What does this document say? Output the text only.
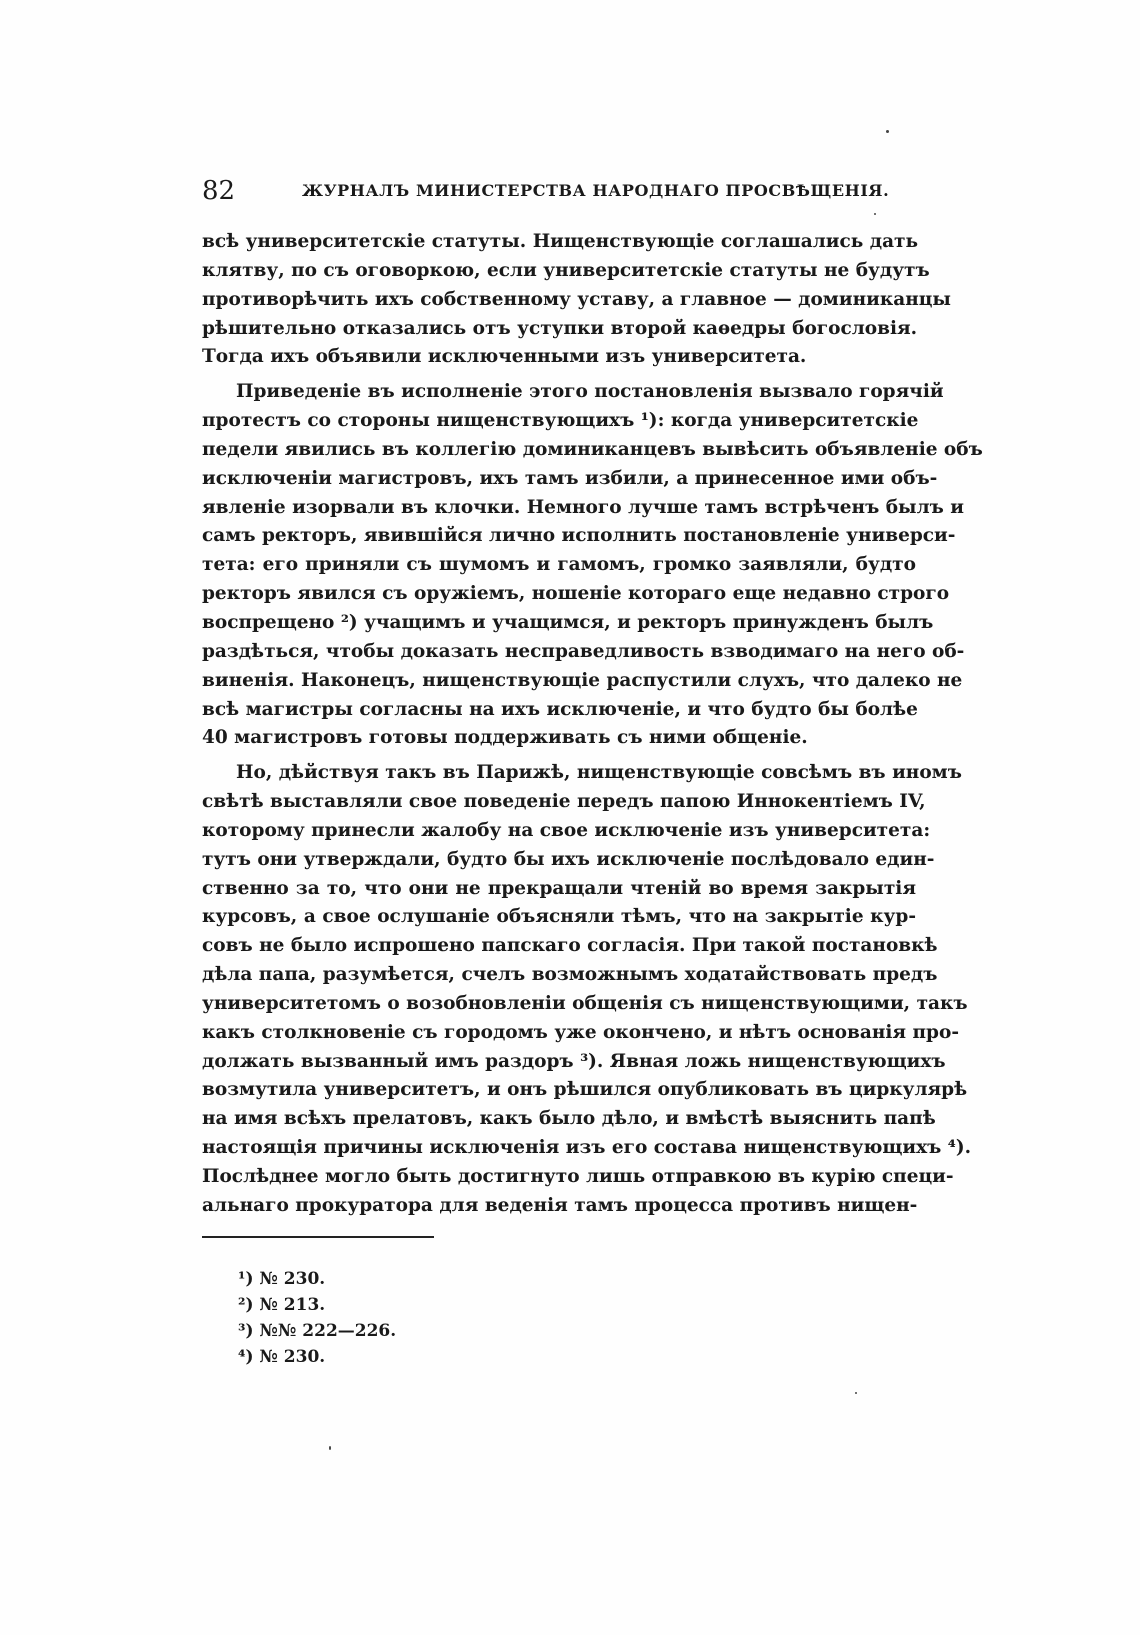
82	ЖУРНАЛЪ МИНИСТЕРСТВА НАРОДНАГО ПРОСВѢЩЕНІЯ.
всѣ университетскіе статуты. Нищенствующіе соглашались дать
клятву, по съ оговоркою, если университетскіе статуты не будутъ
противорѣчить ихъ собственному уставу, а главное — доминиканцы
рѣшительно отказались отъ уступки второй каѳедры богословія.
Тогда ихъ объявили исключенными изъ университета.
Приведеніе въ исполненіе этого постановленія вызвало горячій
протестъ со стороны нищенствующихъ ¹): когда университетскіе
педели явились въ коллегію доминиканцевъ вывѣсить объявленіе объ
исключеніи магистровъ, ихъ тамъ избили, а принесенное ими объ-
явленіе изорвали въ клочки. Немного лучше тамъ встрѣченъ былъ и
самъ ректоръ, явившійся лично исполнить постановленіе универси-
тета: его приняли съ шумомъ и гамомъ, громко заявляли, будто
ректоръ явился съ оружіемъ, ношеніе котораго еще недавно строго
воспрещено ²) учащимъ и учащимся, и ректоръ принужденъ былъ
раздѣться, чтобы доказать несправедливость взводимаго на него об-
виненія. Наконецъ, нищенствующіе распустили слухъ, что далеко не
всѣ магистры согласны на ихъ исключеніе, и что будто бы болѣе
40 магистровъ готовы поддерживать съ ними общеніе.
Но, дѣйствуя такъ въ Парижѣ, нищенствующіе совсѣмъ въ иномъ
свѣтѣ выставляли свое поведеніе передъ папою Иннокентіемъ IV,
которому принесли жалобу на свое исключеніе изъ университета:
тутъ они утверждали, будто бы ихъ исключеніе послѣдовало един-
ственно за то, что они не прекращали чтеній во время закрытія
курсовъ, а свое ослушаніе объясняли тѣмъ, что на закрытіе кур-
совъ не было испрошено папскаго согласія. При такой постановкѣ
дѣла папа, разумѣется, счелъ возможнымъ ходатайствовать предъ
университетомъ о возобновленіи общенія съ нищенствующими, такъ
какъ столкновеніе съ городомъ уже окончено, и нѣтъ основанія про-
должать вызванный имъ раздоръ ³). Явная ложь нищенствующихъ
возмутила университетъ, и онъ рѣшился опубликовать въ циркулярѣ
на имя всѣхъ прелатовъ, какъ было дѣло, и вмѣстѣ выяснить папѣ
настоящія причины исключенія изъ его состава нищенствующихъ ⁴).
Послѣднее могло быть достигнуто лишь отправкою въ курію специ-
альнаго прокуратора для веденія тамъ процесса противъ нищен-
¹) № 230.
²) № 213.
³) №№ 222—226.
⁴) № 230.
